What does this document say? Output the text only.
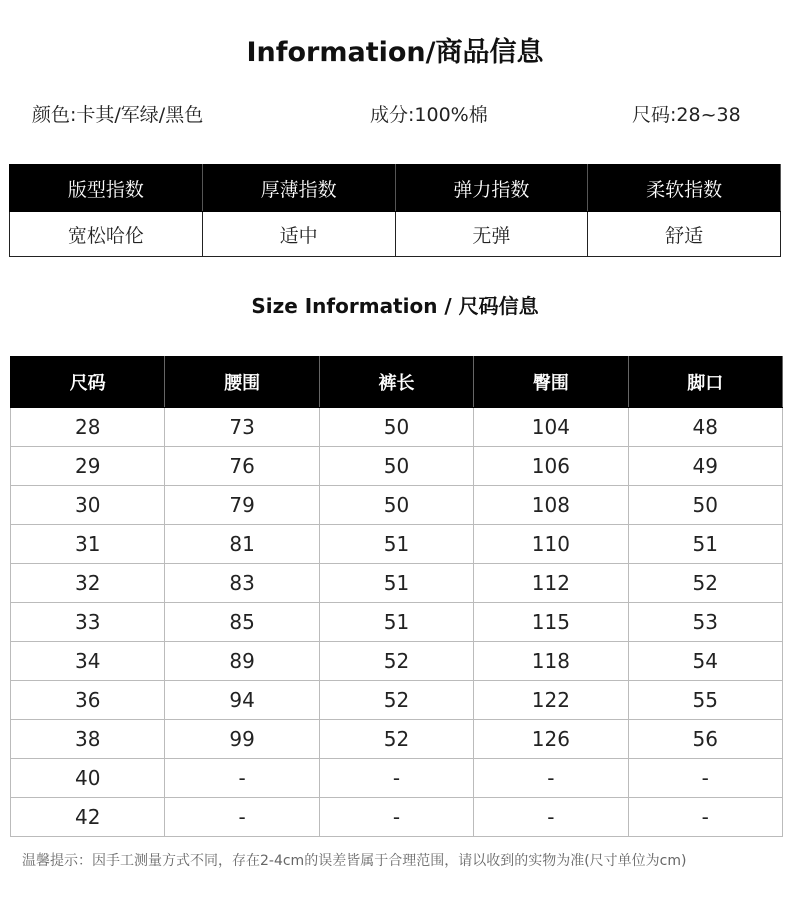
Information/商品信息
颜色:卡其/军绿/黑色	成分:100%棉	尺码:28~38
版型指数	厚薄指数	弹力指数	柔软指数
宽松哈伦	适中	无弹	舒适
Size Information / 尺码信息
尺码	腰围	裤长	臀围	脚口
28	73	50	104	48
29	76	50	106	49
30	79	50	108	50
31	81	51	110	51
32	83	51	112	52
33	85	51	115	53
34	89	52	118	54
36	94	52	122	55
38	99	52	126	56
40	-	-	-	-
42	-	-	-	-
温馨提示：因手工测量方式不同，存在2-4cm的误差皆属于合理范围，请以收到的实物为准(尺寸单位为cm)
